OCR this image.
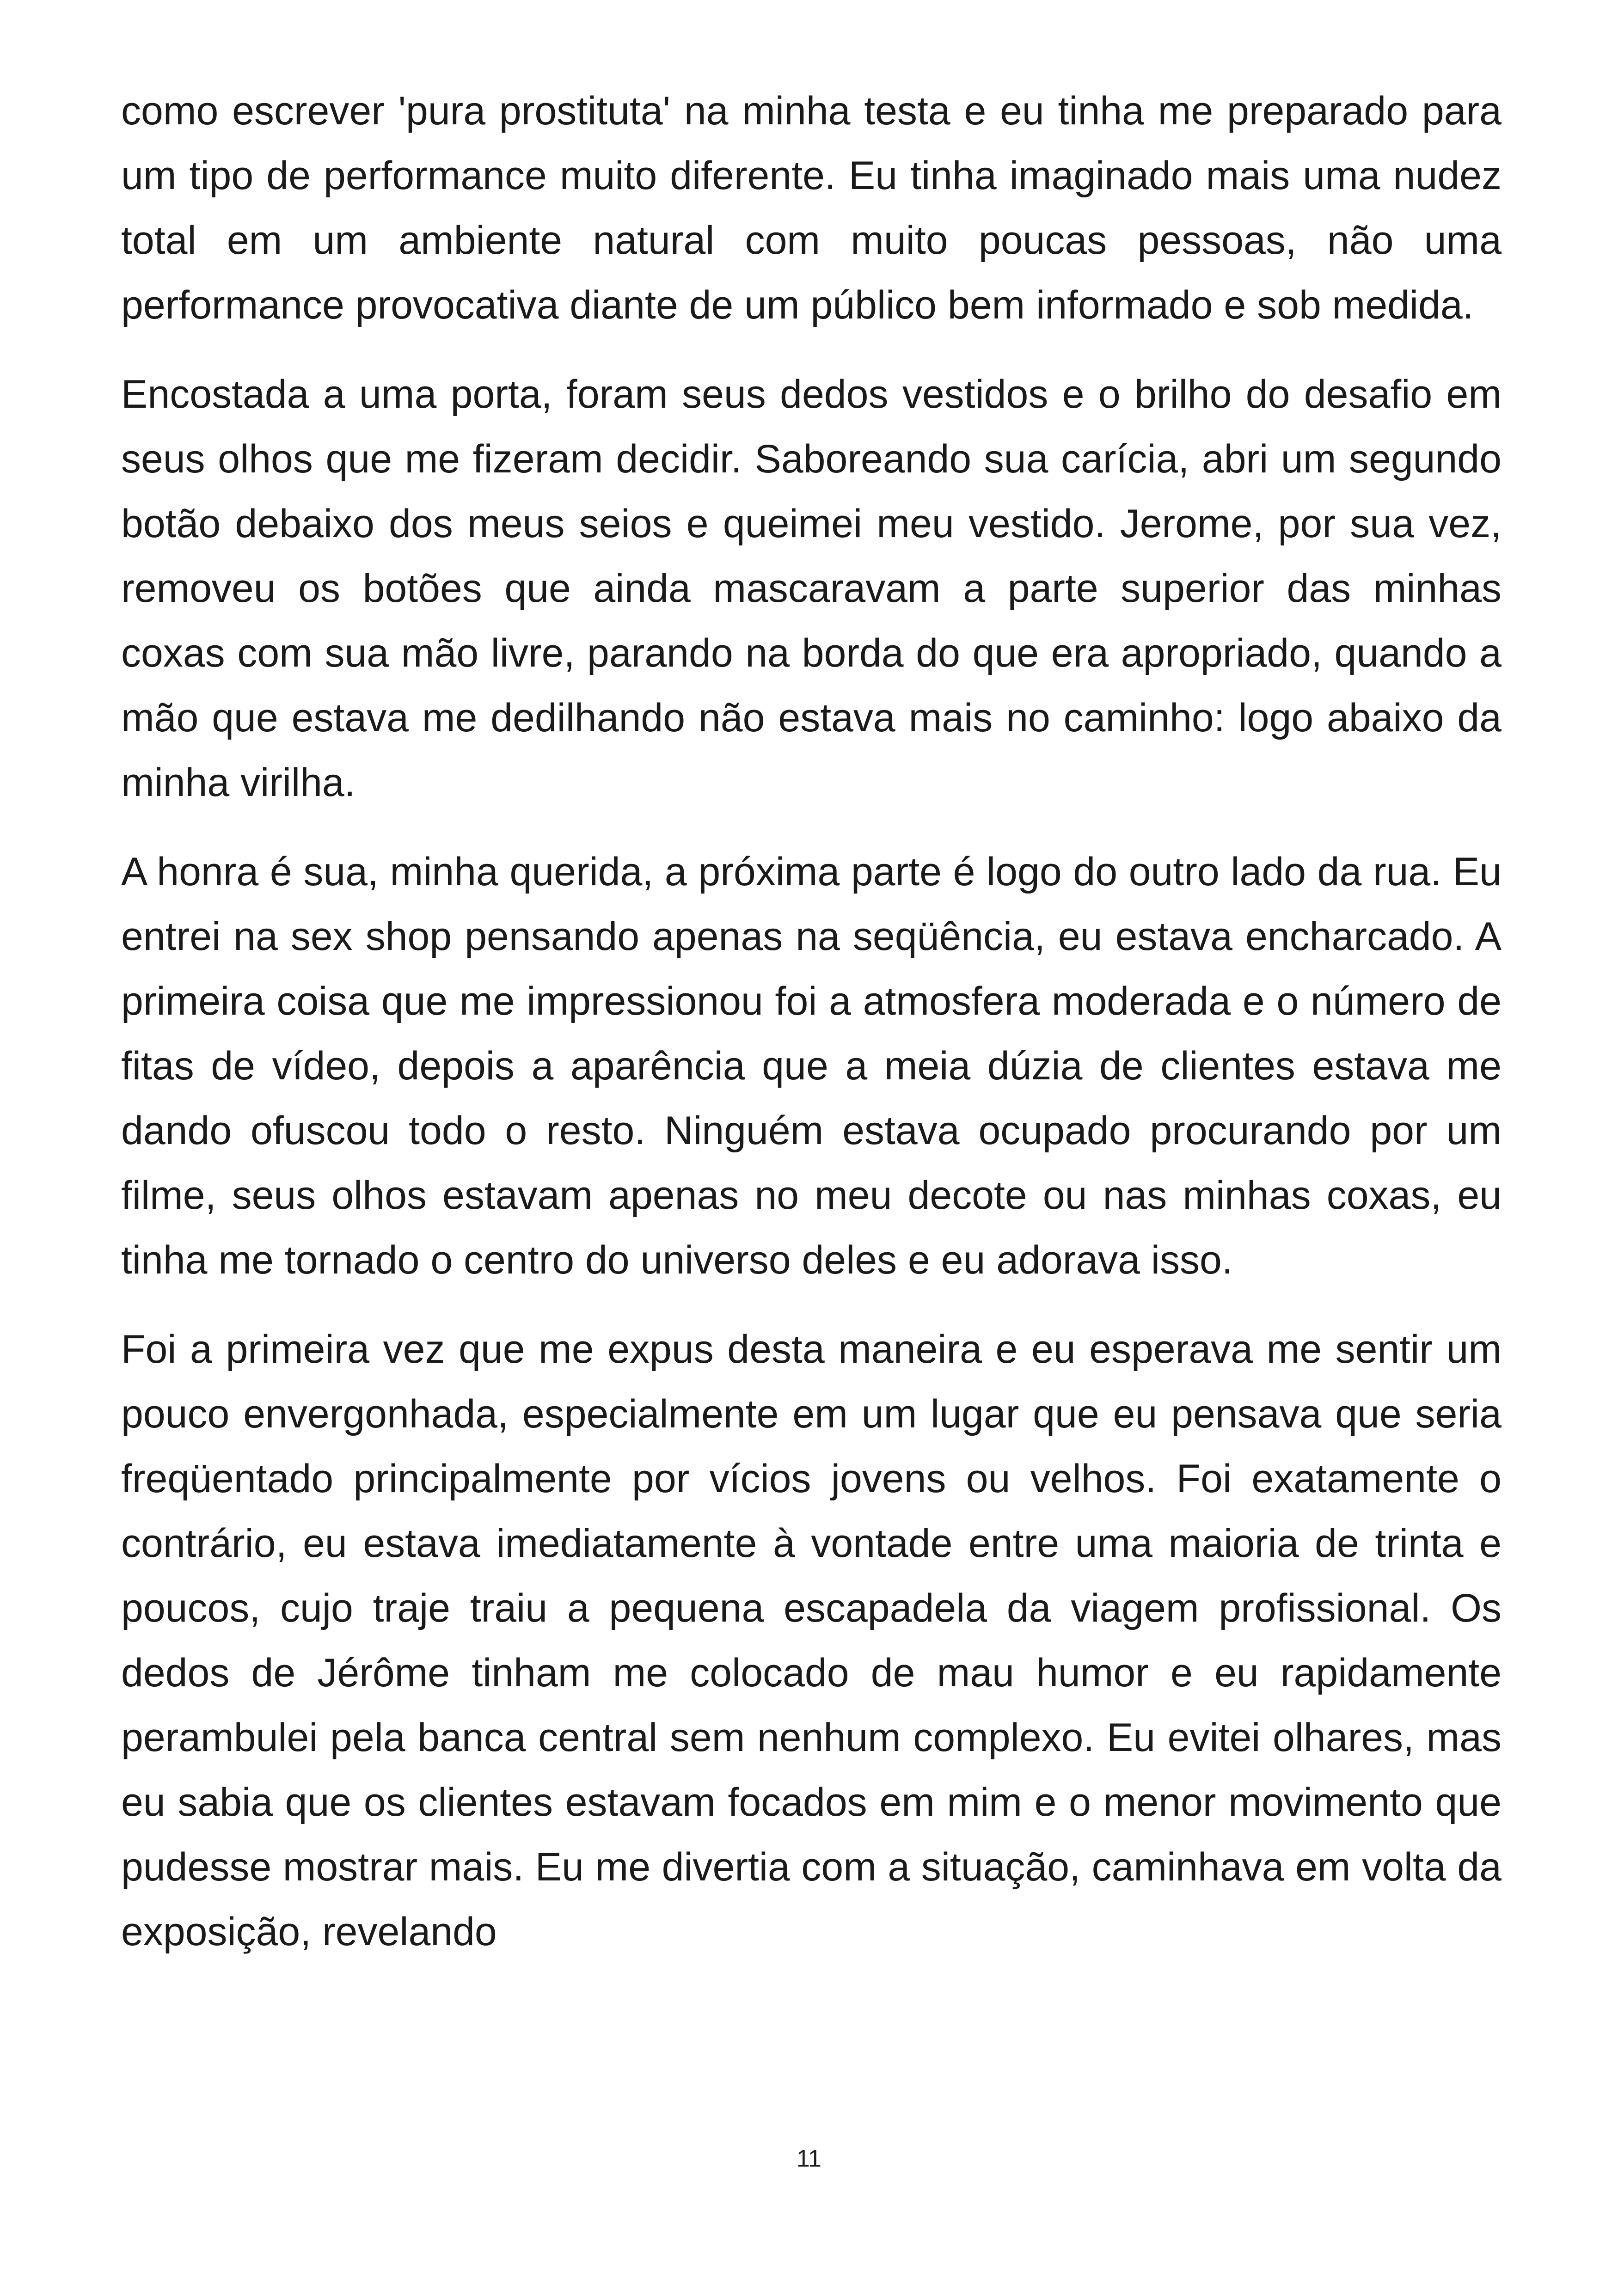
como escrever 'pura prostituta' na minha testa e eu tinha me preparado para um tipo de performance muito diferente. Eu tinha imaginado mais uma nudez total em um ambiente natural com muito poucas pessoas, não uma performance provocativa diante de um público bem informado e sob medida.

Encostada a uma porta, foram seus dedos vestidos e o brilho do desafio em seus olhos que me fizeram decidir. Saboreando sua carícia, abri um segundo botão debaixo dos meus seios e queimei meu vestido. Jerome, por sua vez, removeu os botões que ainda mascaravam a parte superior das minhas coxas com sua mão livre, parando na borda do que era apropriado, quando a mão que estava me dedilhando não estava mais no caminho: logo abaixo da minha virilha.

A honra é sua, minha querida, a próxima parte é logo do outro lado da rua. Eu entrei na sex shop pensando apenas na seqüência, eu estava encharcado. A primeira coisa que me impressionou foi a atmosfera moderada e o número de fitas de vídeo, depois a aparência que a meia dúzia de clientes estava me dando ofuscou todo o resto. Ninguém estava ocupado procurando por um filme, seus olhos estavam apenas no meu decote ou nas minhas coxas, eu tinha me tornado o centro do universo deles e eu adorava isso.

Foi a primeira vez que me expus desta maneira e eu esperava me sentir um pouco envergonhada, especialmente em um lugar que eu pensava que seria freqüentado principalmente por vícios jovens ou velhos. Foi exatamente o contrário, eu estava imediatamente à vontade entre uma maioria de trinta e poucos, cujo traje traiu a pequena escapadela da viagem profissional. Os dedos de Jérôme tinham me colocado de mau humor e eu rapidamente perambulei pela banca central sem nenhum complexo. Eu evitei olhares, mas eu sabia que os clientes estavam focados em mim e o menor movimento que pudesse mostrar mais. Eu me divertia com a situação, caminhava em volta da exposição, revelando

11
